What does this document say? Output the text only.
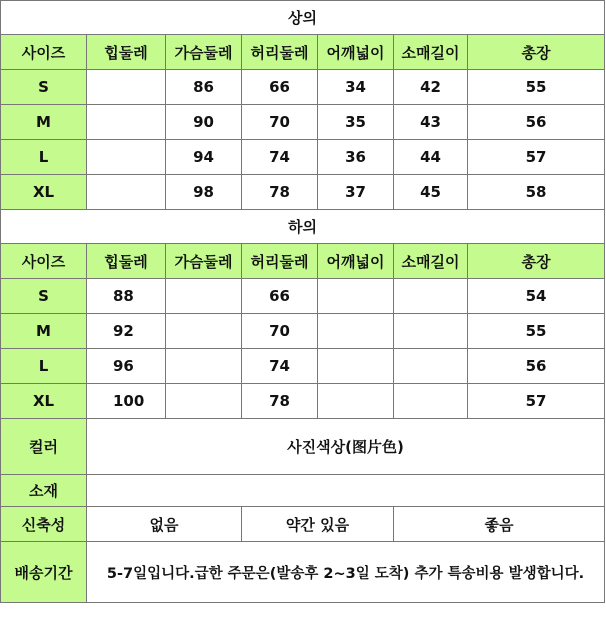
상의						
사이즈	힙둘레	가슴둘레	허리둘레	어깨넓이	소매길이	총장
S		86	66	34	42	55
M		90	70	35	43	56
L		94	74	36	44	57
XL		98	78	37	45	58
하의						
사이즈	힙둘레	가슴둘레	허리둘레	어깨넓이	소매길이	총장
S	88		66			54
M	92		70			55
L	96		74			56
XL	100		78			57
컬러	사진색상(图片色)					
소재						
신축성	없음		약간 있음		좋음	
배송기간	5-7일입니다.급한 주문은(발송후 2~3일 도착) 추가 특송비용 발생합니다.					
